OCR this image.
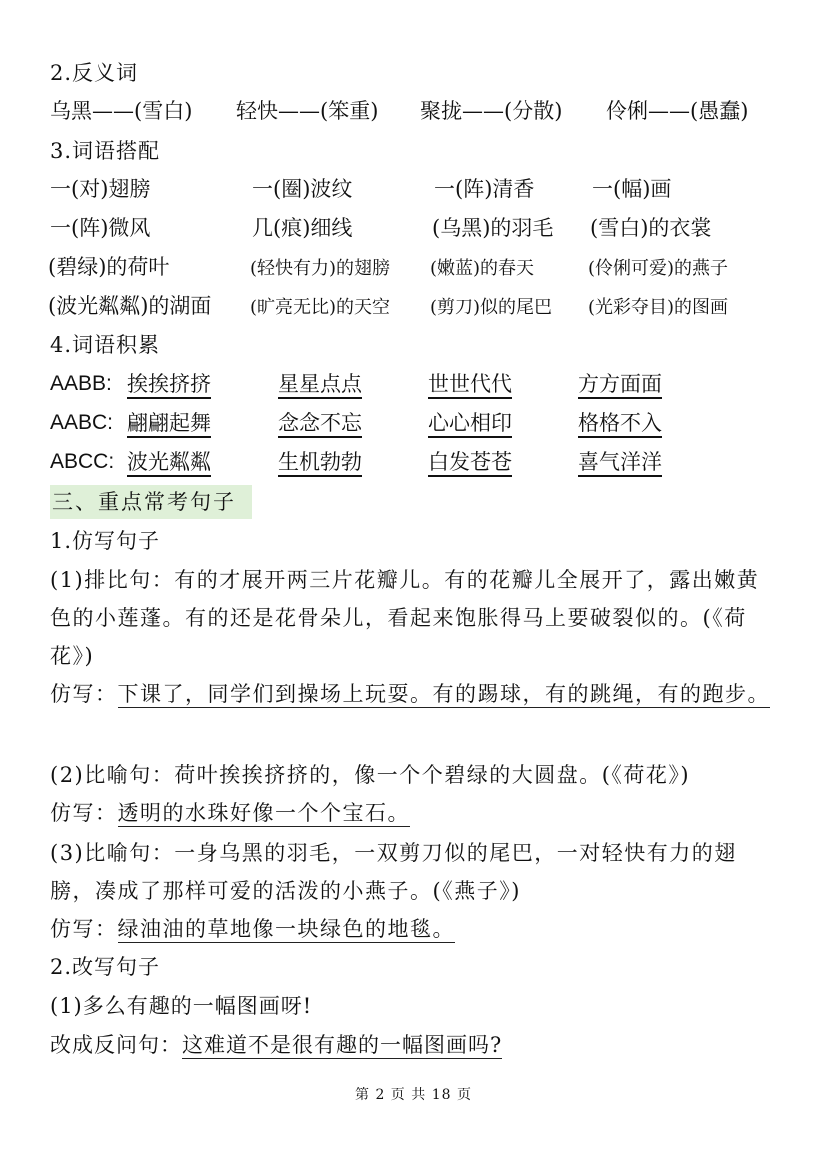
2.反义词
乌黑——(雪白) 轻快——(笨重) 聚拢——(分散) 伶俐——(愚蠢)
3.词语搭配
一(对)翅膀	一(圈)波纹	一(阵)清香	一(幅)画
一(阵)微风	几(痕)细线	(乌黑)的羽毛 (雪白)的衣裳
(碧绿)的荷叶	(轻快有力)的翅膀 (嫩蓝)的春天	(伶俐可爱)的燕子
(波光粼粼)的湖面 (旷亮无比)的天空 (剪刀)似的尾巴 (光彩夺目)的图画
4.词语积累
AABB: 挨挨挤挤	星星点点	世世代代	方方面面
AABC: 翩翩起舞	念念不忘	心心相印	格格不入
ABCC: 波光粼粼	生机勃勃	白发苍苍	喜气洋洋
三、重点常考句子
1.仿写句子
(1)排比句：有的才展开两三片花瓣儿。有的花瓣儿全展开了，露出嫩黄色的小莲蓬。有的还是花骨朵儿，看起来饱胀得马上要破裂似的。(《荷花》)
仿写：下课了，同学们到操场上玩耍。有的踢球，有的跳绳，有的跑步。
(2)比喻句：荷叶挨挨挤挤的，像一个个碧绿的大圆盘。(《荷花》)
仿写：透明的水珠好像一个个宝石。
(3)比喻句：一身乌黑的羽毛，一双剪刀似的尾巴，一对轻快有力的翅膀，凑成了那样可爱的活泼的小燕子。(《燕子》)
仿写：绿油油的草地像一块绿色的地毯。
2.改写句子
(1)多么有趣的一幅图画呀!
改成反问句：这难道不是很有趣的一幅图画吗?
第 2 页 共 18 页
